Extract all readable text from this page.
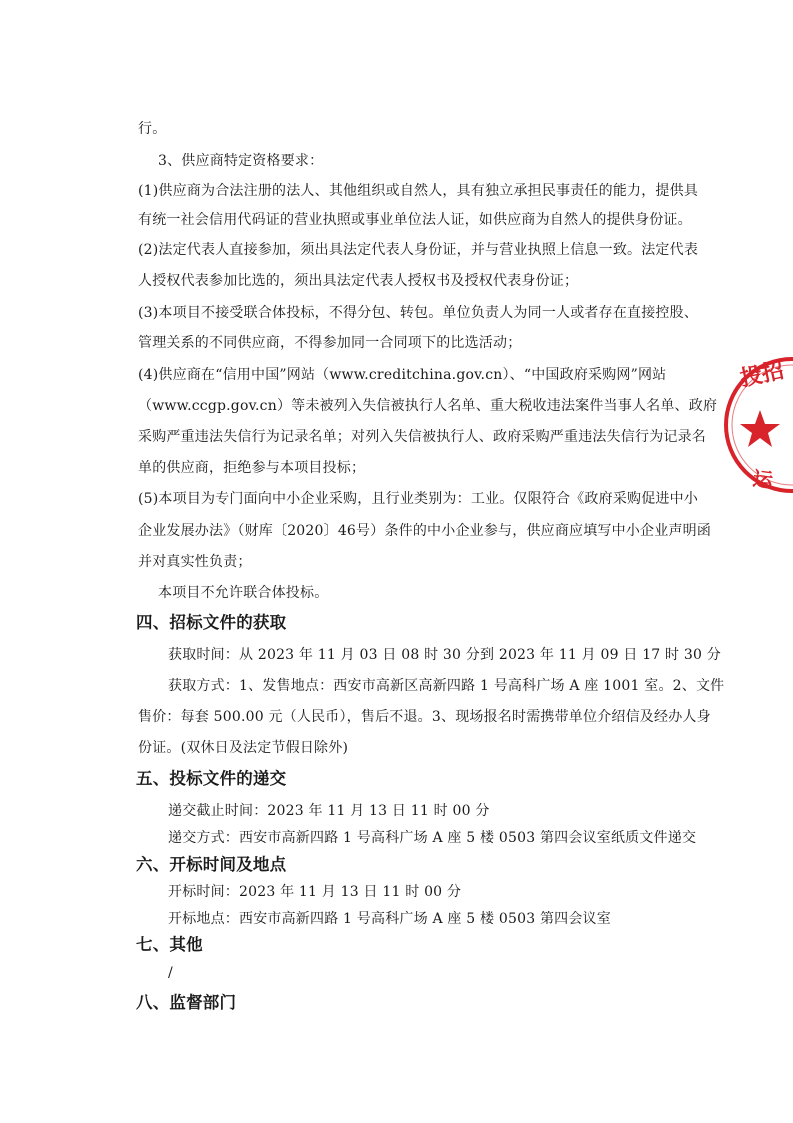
行。
3、供应商特定资格要求：
(1)供应商为合法注册的法人、其他组织或自然人，具有独立承担民事责任的能力，提供具
有统一社会信用代码证的营业执照或事业单位法人证，如供应商为自然人的提供身份证。
(2)法定代表人直接参加，须出具法定代表人身份证，并与营业执照上信息一致。法定代表
人授权代表参加比选的，须出具法定代表人授权书及授权代表身份证；
(3)本项目不接受联合体投标，不得分包、转包。单位负责人为同一人或者存在直接控股、
管理关系的不同供应商，不得参加同一合同项下的比选活动；
(4)供应商在“信用中国”网站（www.creditchina.gov.cn）、“中国政府采购网”网站
（www.ccgp.gov.cn）等未被列入失信被执行人名单、重大税收违法案件当事人名单、政府
采购严重违法失信行为记录名单；对列入失信被执行人、政府采购严重违法失信行为记录名
单的供应商，拒绝参与本项目投标；
(5)本项目为专门面向中小企业采购，且行业类别为：工业。仅限符合《政府采购促进中小
企业发展办法》（财库〔2020〕46号）条件的中小企业参与，供应商应填写中小企业声明函
并对真实性负责；
本项目不允许联合体投标。
四、招标文件的获取
获取时间：从 2023 年 11 月 03 日 08 时 30 分到 2023 年 11 月 09 日 17 时 30 分
获取方式：1、发售地点：西安市高新区高新四路 1 号高科广场 A 座 1001 室。2、文件
售价：每套 500.00 元（人民币），售后不退。3、现场报名时需携带单位介绍信及经办人身
份证。(双休日及法定节假日除外)
五、投标文件的递交
递交截止时间：2023 年 11 月 13 日 11 时 00 分
递交方式：西安市高新四路 1 号高科广场 A 座 5 楼 0503 第四会议室纸质文件递交
六、开标时间及地点
开标时间：2023 年 11 月 13 日 11 时 00 分
开标地点：西安市高新四路 1 号高科广场 A 座 5 楼 0503 第四会议室
七、其他
/
八、监督部门
投招
运
